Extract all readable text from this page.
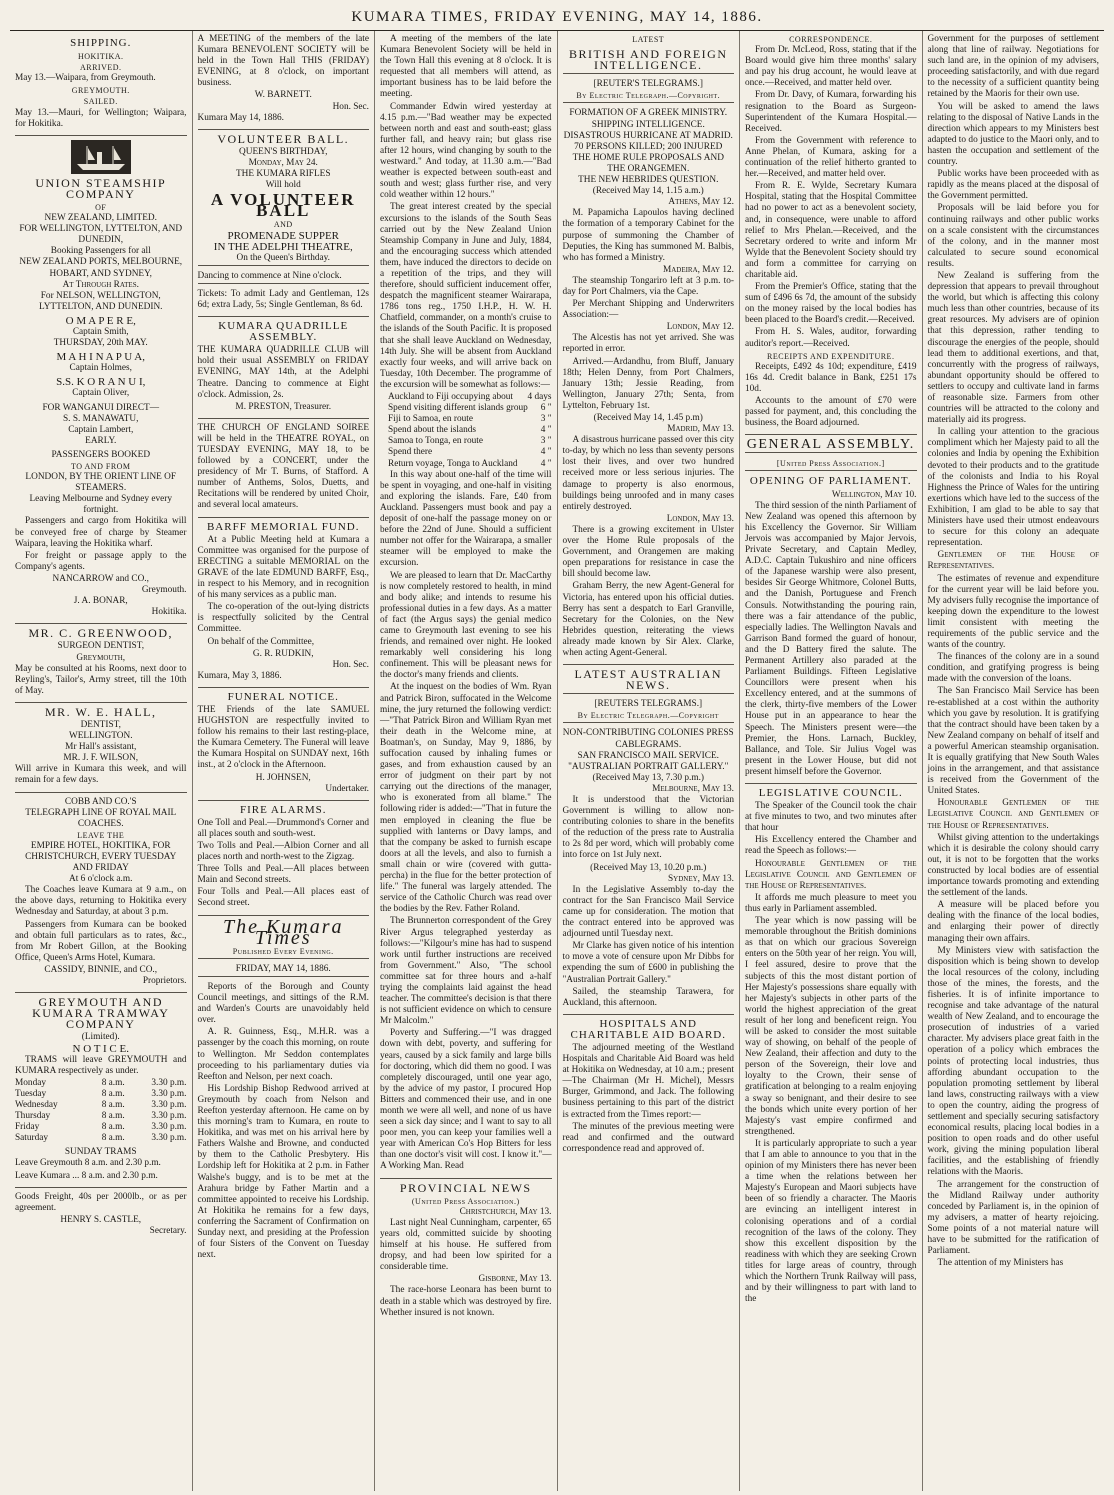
KUMARA TIMES, FRIDAY EVENING, MAY 14, 1886.
SHIPPING.
HOKITIKA.
ARRIVED.
May 13.—Waipara, from Greymouth.
GREYMOUTH.
SAILED.
May 13.—Mauri, for Wellington; Waipara, for Hokitika.
UNION STEAMSHIP COMPANY
OF
NEW ZEALAND, LIMITED.
FOR WELLINGTON, LYTTELTON, AND DUNEDIN,
Booking Passengers for all
NEW ZEALAND PORTS, MELBOURNE, HOBART, AND SYDNEY,
At Through Rates.
For NELSON, WELLINGTON, LYTTELTON, AND DUNEDIN.
O M A P E R E,
Captain Smith,
THURSDAY, 20th MAY.
M A H I N A P U A,
Captain Holmes,
S.S. K O R A N U I,
Captain Oliver,
FOR WANGANUI DIRECT—
S. S. MANAWATU,
Captain Lambert,
EARLY.
PASSENGERS BOOKED
TO AND FROM
LONDON, BY THE ORIENT LINE OF STEAMERS.
Leaving Melbourne and Sydney every fortnight.
Passengers and cargo from Hokitika will be conveyed free of charge by Steamer Waipara, leaving the Hokitika wharf.
For freight or passage apply to the Company's agents.
NANCARROW and CO.,
Greymouth.
J. A. BONAR,
Hokitika.
MR. C. GREENWOOD,
SURGEON DENTIST,
Greymouth,
May be consulted at his Rooms, next door to Reyling's, Tailor's, Army street, till the 10th of May.
MR. W. E. HALL,
DENTIST,
WELLINGTON.
Mr Hall's assistant,
MR. J. F. WILSON,
Will arrive in Kumara this week, and will remain for a few days.
COBB AND CO.'S
TELEGRAPH LINE OF ROYAL MAIL COACHES.
LEAVE THE
EMPIRE HOTEL, HOKITIKA, FOR CHRISTCHURCH, EVERY TUESDAY AND FRIDAY
At 6 o'clock a.m.
The Coaches leave Kumara at 9 a.m., on the above days, returning to Hokitika every Wednesday and Saturday, at about 3 p.m.
Passengers from Kumara can be booked and obtain full particulars as to rates, &c., from Mr Robert Gillon, at the Booking Office, Queen's Arms Hotel, Kumara.
CASSIDY, BINNIE, and CO.,
Proprietors.
GREYMOUTH AND KUMARA TRAMWAY COMPANY
(Limited).
N O T I C E.
TRAMS will leave GREYMOUTH and KUMARA respectively as under.
Monday	8 a.m.	3.30 p.m.
Tuesday	8 a.m.	3.30 p.m.
Wednesday	8 a.m.	3.30 p.m.
Thursday	8 a.m.	3.30 p.m.
Friday	8 a.m.	3.30 p.m.
Saturday	8 a.m.	3.30 p.m.
SUNDAY TRAMS
Leave Greymouth 8 a.m. and 2.30 p.m.
Leave Kumara ... 8 a.m. and 2.30 p.m.
Goods Freight, 40s per 2000lb., or as per agreement.
HENRY S. CASTLE,
Secretary.
A MEETING of the members of the late Kumara BENEVOLENT SOCIETY will be held in the Town Hall THIS (FRIDAY) EVENING, at 8 o'clock, on important business.
W. BARNETT.
Hon. Sec.
Kumara May 14, 1886.
VOLUNTEER BALL.
QUEEN'S BIRTHDAY,
Monday, May 24.
THE KUMARA RIFLES
Will hold
A VOLUNTEER BALL
AND
PROMENADE SUPPER
IN THE ADELPHI THEATRE,
On the Queen's Birthday.
Dancing to commence at Nine o'clock.
Tickets: To admit Lady and Gentleman, 12s 6d; extra Lady, 5s; Single Gentleman, 8s 6d.
KUMARA QUADRILLE ASSEMBLY.
THE KUMARA QUADRILLE CLUB will hold their usual ASSEMBLY on FRIDAY EVENING, MAY 14th, at the Adelphi Theatre. Dancing to commence at Eight o'clock. Admission, 2s.
M. PRESTON, Treasurer.
THE CHURCH OF ENGLAND SOIREE will be held in the THEATRE ROYAL, on TUESDAY EVENING, MAY 18, to be followed by a CONCERT, under the presidency of Mr T. Burns, of Stafford. A number of Anthems, Solos, Duetts, and Recitations will be rendered by united Choir, and several local amateurs.
BARFF MEMORIAL FUND.
At a Public Meeting held at Kumara a Committee was organised for the purpose of ERECTING a suitable MEMORIAL on the GRAVE of the late EDMUND BARFF, Esq., in respect to his Memory, and in recognition of his many services as a public man.
The co-operation of the out-lying districts is respectfully solicited by the Central Committee.
On behalf of the Committee,
G. R. RUDKIN,
Hon. Sec.
Kumara, May 3, 1886.
FUNERAL NOTICE.
THE Friends of the late SAMUEL HUGHSTON are respectfully invited to follow his remains to their last resting-place, the Kumara Cemetery. The Funeral will leave the Kumara Hospital on SUNDAY next, 16th inst., at 2 o'clock in the Afternoon.
H. JOHNSEN,
Undertaker.
FIRE ALARMS.
One Toll and Peal.—Drummond's Corner and all places south and south-west.
Two Tolls and Peal.—Albion Corner and all places north and north-west to the Zigzag.
Three Tolls and Peal.—All places between Main and Second streets.
Four Tolls and Peal.—All places east of Second street.
The Kumara Times
Published Every Evening.
FRIDAY, MAY 14, 1886.
Reports of the Borough and County Council meetings, and sittings of the R.M. and Warden's Courts are unavoidably held over.
A. R. Guinness, Esq., M.H.R. was a passenger by the coach this morning, on route to Wellington. Mr Seddon contemplates proceeding to his parliamentary duties via Reefton and Nelson, per next coach.
His Lordship Bishop Redwood arrived at Greymouth by coach from Nelson and Reefton yesterday afternoon. He came on by this morning's tram to Kumara, en route to Hokitika, and was met on his arrival here by Fathers Walshe and Browne, and conducted by them to the Catholic Presbytery. His Lordship left for Hokitika at 2 p.m. in Father Walshe's buggy, and is to be met at the Arahura bridge by Father Martin and a committee appointed to receive his Lordship. At Hokitika he remains for a few days, conferring the Sacrament of Confirmation on Sunday next, and presiding at the Profession of four Sisters of the Convent on Tuesday next.
A meeting of the members of the late Kumara Benevolent Society will be held in the Town Hall this evening at 8 o'clock. It is requested that all members will attend, as important business has to be laid before the meeting.
Commander Edwin wired yesterday at 4.15 p.m.—"Bad weather may be expected between north and east and south-east; glass further fall, and heavy rain; but glass rise after 12 hours, wind changing by south to the westward." And today, at 11.30 a.m.—"Bad weather is expected between south-east and south and west; glass further rise, and very cold weather within 12 hours."
The great interest created by the special excursions to the islands of the South Seas carried out by the New Zealand Union Steamship Company in June and July, 1884, and the encouraging success which attended them, have induced the directors to decide on a repetition of the trips, and they will therefore, should sufficient inducement offer, despatch the magnificent steamer Wairarapa, 1786 tons reg., 1750 I.H.P., H. W. H. Chatfield, commander, on a month's cruise to the islands of the South Pacific. It is proposed that she shall leave Auckland on Wednesday, 14th July. She will be absent from Auckland exactly four weeks, and will arrive back on Tuesday, 10th December. The programme of the excursion will be somewhat as follows:—
Auckland to Fiji occupying about 4 days
Spend visiting different islands group 6 "
Fiji to Samoa, en route	3 "
Spend about the islands	4 "
Samoa to Tonga, en route	3 "
Spend there	4 "
Return voyage, Tonga to Auckland 4 "
In this way about one-half of the time will be spent in voyaging, and one-half in visiting and exploring the islands. Fare, £40 from Auckland. Passengers must book and pay a deposit of one-half the passage money on or before the 22nd of June. Should a sufficient number not offer for the Wairarapa, a smaller steamer will be employed to make the excursion.
We are pleased to learn that Dr. MacCarthy is now completely restored to health, in mind and body alike; and intends to resume his professional duties in a few days. As a matter of fact (the Argus says) the genial medico came to Greymouth last evening to see his friends, and remained over night. He looked remarkably well considering his long confinement. This will be pleasant news for the doctor's many friends and clients.
At the inquest on the bodies of Wm. Ryan and Patrick Biron, suffocated in the Welcome mine, the jury returned the following verdict:—"That Patrick Biron and William Ryan met their death in the Welcome mine, at Boatman's, on Sunday, May 9, 1886, by suffocation caused by inhaling fumes or gases, and from exhaustion caused by an error of judgment on their part by not carrying out the directions of the manager, who is exonerated from all blame." The following rider is added:—"That in future the men employed in cleaning the flue be supplied with lanterns or Davy lamps, and that the company be asked to furnish escape doors at all the levels, and also to furnish a small chain or wire (covered with gutta-percha) in the flue for the better protection of life." The funeral was largely attended. The service of the Catholic Church was read over the bodies by the Rev. Father Roland.
The Brunnerton correspondent of the Grey River Argus telegraphed yesterday as follows:—"Kilgour's mine has had to suspend work until further instructions are received from Government." Also, "The school committee sat for three hours and a-half trying the complaints laid against the head teacher. The committee's decision is that there is not sufficient evidence on which to censure Mr Malcolm."
Poverty and Suffering.—"I was dragged down with debt, poverty, and suffering for years, caused by a sick family and large bills for doctoring, which did them no good. I was completely discouraged, until one year ago, by the advice of my pastor, I procured Hop Bitters and commenced their use, and in one month we were all well, and none of us have seen a sick day since; and I want to say to all poor men, you can keep your families well a year with American Co's Hop Bitters for less than one doctor's visit will cost. I know it."—A Working Man. Read
PROVINCIAL NEWS
(United Press Association.)
Christchurch, May 13.
Last night Neal Cunningham, carpenter, 65 years old, committed suicide by shooting himself at his house. He suffered from dropsy, and had been low spirited for a considerable time.
Gisborne, May 13.
The race-horse Leonara has been burnt to death in a stable which was destroyed by fire. Whether insured is not known.
LATEST
BRITISH AND FOREIGN INTELLIGENCE.
[REUTER'S TELEGRAMS.]
By Electric Telegraph.—Copyright.
FORMATION OF A GREEK MINISTRY.
SHIPPING INTELLIGENCE.
DISASTROUS HURRICANE AT MADRID.
70 PERSONS KILLED; 200 INJURED
THE HOME RULE PROPOSALS AND THE ORANGEMEN.
THE NEW HEBRIDES QUESTION.
(Received May 14, 1.15 a.m.)
Athens, May 12.
M. Papamicha Lapoulos having declined the formation of a temporary Cabinet for the purpose of summoning the Chamber of Deputies, the King has summoned M. Balbis, who has formed a Ministry.
Madeira, May 12.
The steamship Tongariro left at 3 p.m. to-day for Port Chalmers, via the Cape.
Per Merchant Shipping and Underwriters Association:—
London, May 12.
The Alcestis has not yet arrived. She was reported in error.
Arrived.—Ardandhu, from Bluff, January 18th; Helen Denny, from Port Chalmers, January 13th; Jessie Reading, from Wellington, January 27th; Senta, from Lyttelton, February 1st.
(Received May 14, 1.45 p.m)
Madrid, May 13.
A disastrous hurricane passed over this city to-day, by which no less than seventy persons lost their lives, and over two hundred received more or less serious injuries. The damage to property is also enormous, buildings being unroofed and in many cases entirely destroyed.
London, May 13.
There is a growing excitement in Ulster over the Home Rule proposals of the Government, and Orangemen are making open preparations for resistance in case the bill should become law.
Graham Berry, the new Agent-General for Victoria, has entered upon his official duties. Berry has sent a despatch to Earl Granville, Secretary for the Colonies, on the New Hebrides question, reiterating the views already made known by Sir Alex. Clarke, when acting Agent-General.
LATEST AUSTRALIAN NEWS.
[REUTERS TELEGRAMS.]
By Electric Telegraph.—Copyright
NON-CONTRIBUTING COLONIES PRESS CABLEGRAMS.
SAN FRANCISCO MAIL SERVICE.
"AUSTRALIAN PORTRAIT GALLERY."
(Received May 13, 7.30 p.m.)
Melbourne, May 13.
It is understood that the Victorian Government is willing to allow non-contributing colonies to share in the benefits of the reduction of the press rate to Australia to 2s 8d per word, which will probably come into force on 1st July next.
(Received May 13, 10.20 p.m.)
Sydney, May 13.
In the Legislative Assembly to-day the contract for the San Francisco Mail Service came up for consideration. The motion that the contract entered into be approved was adjourned until Tuesday next.
Mr Clarke has given notice of his intention to move a vote of censure upon Mr Dibbs for expending the sum of £600 in publishing the "Australian Portrait Gallery."
Sailed, the steamship Tarawera, for Auckland, this afternoon.
HOSPITALS AND CHARITABLE AID BOARD.
The adjourned meeting of the Westland Hospitals and Charitable Aid Board was held at Hokitika on Wednesday, at 10 a.m.; present—The Chairman (Mr H. Michel), Messrs Burger, Grimmond, and Jack. The following business pertaining to this part of the district is extracted from the Times report:—
The minutes of the previous meeting were read and confirmed and the outward correspondence read and approved of.
CORRESPONDENCE.
From Dr. McLeod, Ross, stating that if the Board would give him three months' salary and pay his drug account, he would leave at once.—Received, and matter held over.
From Dr. Davy, of Kumara, forwarding his resignation to the Board as Surgeon-Superintendent of the Kumara Hospital.—Received.
From the Government with reference to Anne Phelan, of Kumara, asking for a continuation of the relief hitherto granted to her.—Received, and matter held over.
From R. E. Wylde, Secretary Kumara Hospital, stating that the Hospital Committee had no power to act as a benevolent society, and, in consequence, were unable to afford relief to Mrs Phelan.—Received, and the Secretary ordered to write and inform Mr Wylde that the Benevolent Society should try and form a committee for carrying on charitable aid.
From the Premier's Office, stating that the sum of £496 6s 7d, the amount of the subsidy on the money raised by the local bodies has been placed to the Board's credit.—Received.
From H. S. Wales, auditor, forwarding auditor's report.—Received.
RECEIPTS AND EXPENDITURE.
Receipts, £492 4s 10d; expenditure, £419 16s 4d. Credit balance in Bank, £251 17s 10d.
Accounts to the amount of £70 were passed for payment, and, this concluding the business, the Board adjourned.
GENERAL ASSEMBLY.
[United Press Association.]
OPENING OF PARLIAMENT.
Wellington, May 10.
The third session of the ninth Parliament of New Zealand was opened this afternoon by his Excellency the Governor. Sir William Jervois was accompanied by Major Jervois, Private Secretary, and Captain Medley, A.D.C. Captain Tukushiro and nine officers of the Japanese warship were also present, besides Sir George Whitmore, Colonel Butts, and the Danish, Portuguese and French Consuls. Notwithstanding the pouring rain, there was a fair attendance of the public, especially ladies. The Wellington Navals and Garrison Band formed the guard of honour, and the D Battery fired the salute. The Permanent Artillery also paraded at the Parliament Buildings. Fifteen Legislative Councillors were present when his Excellency entered, and at the summons of the clerk, thirty-five members of the Lower House put in an appearance to hear the Speech. The Ministers present were—the Premier, the Hons. Larnach, Buckley, Ballance, and Tole. Sir Julius Vogel was present in the Lower House, but did not present himself before the Governor.
LEGISLATIVE COUNCIL.
The Speaker of the Council took the chair at five minutes to two, and two minutes after that hour
His Excellency entered the Chamber and read the Speech as follows:—
Honourable Gentlemen of the Legislative Council and Gentlemen of the House of Representatives.
It affords me much pleasure to meet you thus early in Parliament assembled.
The year which is now passing will be memorable throughout the British dominions as that on which our gracious Sovereign enters on the 50th year of her reign. You will, I feel assured, desire to prove that the subjects of this the most distant portion of Her Majesty's possessions share equally with her Majesty's subjects in other parts of the world the highest appreciation of the great result of her long and beneficent reign. You will be asked to consider the most suitable way of showing, on behalf of the people of New Zealand, their affection and duty to the person of the Sovereign, their love and loyalty to the Crown, their sense of gratification at belonging to a realm enjoying a sway so benignant, and their desire to see the bonds which unite every portion of her Majesty's vast empire confirmed and strengthened.
It is particularly appropriate to such a year that I am able to announce to you that in the opinion of my Ministers there has never been a time when the relations between her Majesty's European and Maori subjects have been of so friendly a character. The Maoris are evincing an intelligent interest in colonising operations and of a cordial recognition of the laws of the colony. They show this excellent disposition by the readiness with which they are seeking Crown titles for large areas of country, through which the Northern Trunk Railway will pass, and by their willingness to part with land to the
Government for the purposes of settlement along that line of railway. Negotiations for such land are, in the opinion of my advisers, proceeding satisfactorily, and with due regard to the necessity of a sufficient quantity being retained by the Maoris for their own use.
You will be asked to amend the laws relating to the disposal of Native Lands in the direction which appears to my Ministers best adapted to do justice to the Maori only, and to hasten the occupation and settlement of the country.
Public works have been proceeded with as rapidly as the means placed at the disposal of the Government permitted.
Proposals will be laid before you for continuing railways and other public works on a scale consistent with the circumstances of the colony, and in the manner most calculated to secure sound economical results.
New Zealand is suffering from the depression that appears to prevail throughout the world, but which is affecting this colony much less than other countries, because of its great resources. My advisers are of opinion that this depression, rather tending to discourage the energies of the people, should lead them to additional exertions, and that, concurrently with the progress of railways, abundant opportunity should be offered to settlers to occupy and cultivate land in farms of reasonable size. Farmers from other countries will be attracted to the colony and materially aid its progress.
In calling your attention to the gracious compliment which her Majesty paid to all the colonies and India by opening the Exhibition devoted to their products and to the gratitude of the colonists and India to his Royal Highness the Prince of Wales for the untiring exertions which have led to the success of the Exhibition, I am glad to be able to say that Ministers have used their utmost endeavours to secure for this colony an adequate representation.
Gentlemen of the House of Representatives.
The estimates of revenue and expenditure for the current year will be laid before you. My advisers fully recognise the importance of keeping down the expenditure to the lowest limit consistent with meeting the requirements of the public service and the wants of the country.
The finances of the colony are in a sound condition, and gratifying progress is being made with the conversion of the loans.
The San Francisco Mail Service has been re-established at a cost within the authority which you gave by resolution. It is gratifying that the contract should have been taken by a New Zealand company on behalf of itself and a powerful American steamship organisation. It is equally gratifying that New South Wales joins in the arrangement, and that assistance is received from the Government of the United States.
Honourable Gentlemen of the Legislative Council and Gentlemen of the House of Representatives.
Whilst giving attention to the undertakings which it is desirable the colony should carry out, it is not to be forgotten that the works constructed by local bodies are of essential importance towards promoting and extending the settlement of the lands.
A measure will be placed before you dealing with the finance of the local bodies, and enlarging their power of directly managing their own affairs.
My Ministers view with satisfaction the disposition which is being shown to develop the local resources of the colony, including those of the mines, the forests, and the fisheries. It is of infinite importance to recognise and take advantage of the natural wealth of New Zealand, and to encourage the prosecution of industries of a varied character. My advisers place great faith in the operation of a policy which embraces the points of protecting local industries, thus affording abundant occupation to the population promoting settlement by liberal land laws, constructing railways with a view to open the country, aiding the progress of settlement and specially securing satisfactory economical results, placing local bodies in a position to open roads and do other useful work, giving the mining population liberal facilities, and the establishing of friendly relations with the Maoris.
The arrangement for the construction of the Midland Railway under authority conceded by Parliament is, in the opinion of my advisers, a matter of hearty rejoicing. Some points of a not material nature will have to be submitted for the ratification of Parliament.
The attention of my Ministers has
